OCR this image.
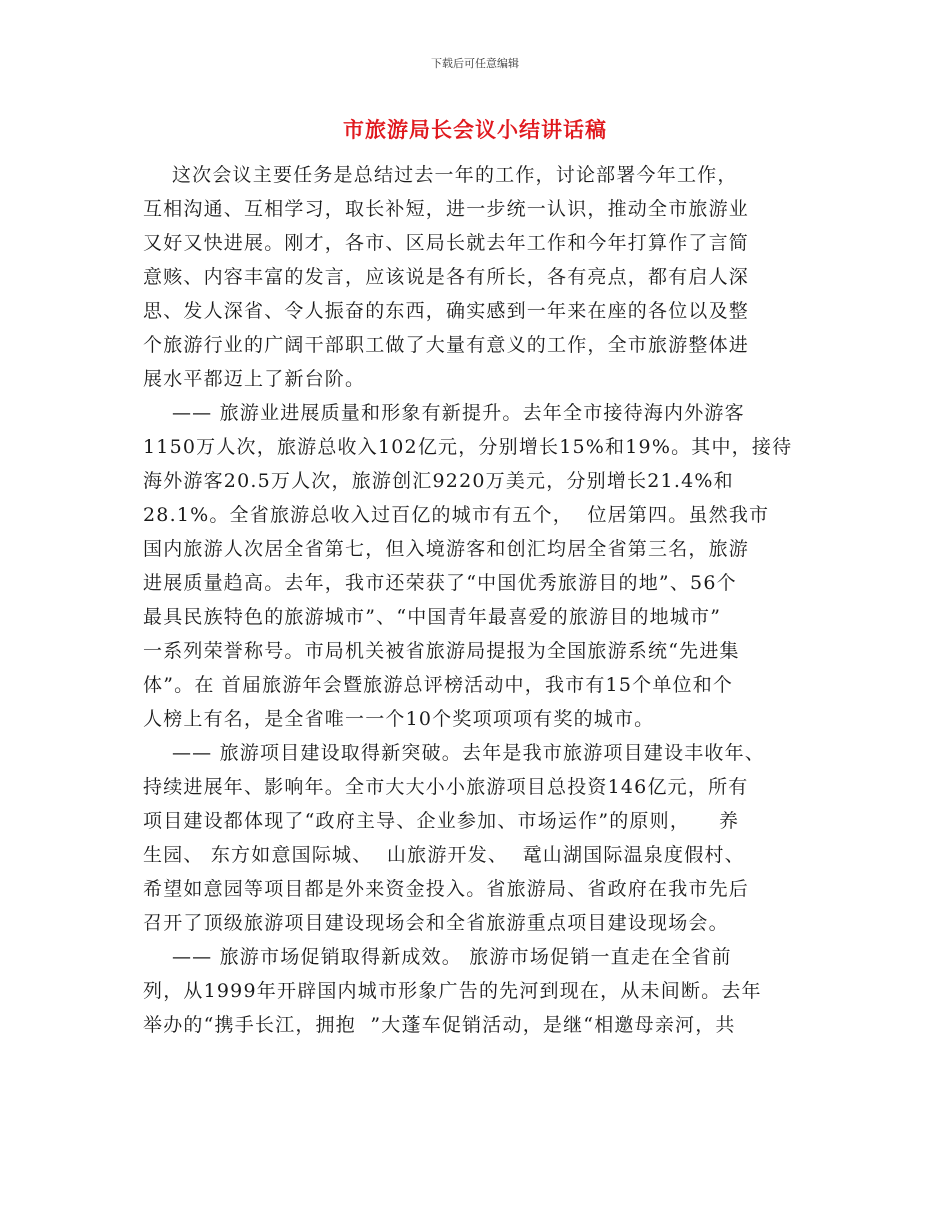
下载后可任意编辑
市旅游局长会议小结讲话稿
这次会议主要任务是总结过去一年的工作，讨论部署今年工作，
互相沟通、互相学习，取长补短，进一步统一认识，推动全市旅游业
又好又快进展。刚才，各市、区局长就去年工作和今年打算作了言简
意赅、内容丰富的发言，应该说是各有所长，各有亮点，都有启人深
思、发人深省、令人振奋的东西，确实感到一年来在座的各位以及整
个旅游行业的广阔干部职工做了大量有意义的工作，全市旅游整体进
展水平都迈上了新台阶。
—— 旅游业进展质量和形象有新提升。去年全市接待海内外游客
1150万人次，旅游总收入102亿元，分别增长15%和19%。其中，接待
海外游客20.5万人次，旅游创汇9220万美元，分别增长21.4%和
28.1%。全省旅游总收入过百亿的城市有五个，  位居第四。虽然我市
国内旅游人次居全省第七，但入境游客和创汇均居全省第三名，旅游
进展质量趋高。去年，我市还荣获了“中国优秀旅游目的地”、56个
最具民族特色的旅游城市”、“中国青年最喜爱的旅游目的地城市”
一系列荣誉称号。市局机关被省旅游局提报为全国旅游系统“先进集
体”。在 首届旅游年会暨旅游总评榜活动中，我市有15个单位和个
人榜上有名，是全省唯一一个10个奖项项项有奖的城市。
—— 旅游项目建设取得新突破。去年是我市旅游项目建设丰收年、
持续进展年、影响年。全市大大小小旅游项目总投资146亿元，所有
项目建设都体现了“政府主导、企业参加、市场运作”的原则，    养
生园、 东方如意国际城、  山旅游开发、  鼋山湖国际温泉度假村、
希望如意园等项目都是外来资金投入。省旅游局、省政府在我市先后
召开了顶级旅游项目建设现场会和全省旅游重点项目建设现场会。
—— 旅游市场促销取得新成效。 旅游市场促销一直走在全省前
列，从1999年开辟国内城市形象广告的先河到现在，从未间断。去年
举办的“携手长江，拥抱  ”大蓬车促销活动，是继“相邀母亲河，共
